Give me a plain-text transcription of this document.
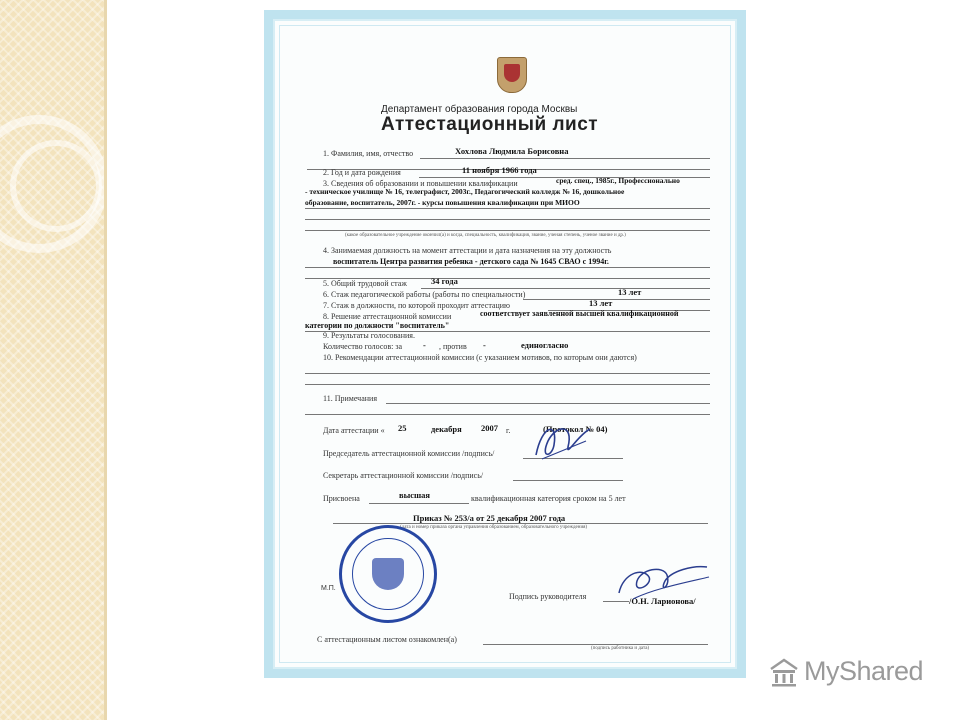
Департамент образования города Москвы
Аттестационный лист
1. Фамилия, имя, отчество	Хохлова Людмила Борисовна
2. Год и дата рождения	11 ноября 1966 года
3. Сведения об образовании и повышении квалификации	сред. спец., 1985г., Профессионально
- техническое училище № 16, телеграфист, 2003г., Педагогический колледж № 16, дошкольное
образование, воспитатель, 2007г. - курсы повышения квалификации при МИОО
(какое образовательное учреждение окончил(а) и когда, специальность, квалификация, звание, ученая степень, ученое звание и др.)
4. Занимаемая должность на момент аттестации и дата назначения на эту должность
воспитатель Центра развития ребенка - детского сада № 1645 СВАО с 1994г.
5. Общий трудовой стаж	34 года
6. Стаж педагогической работы (работы по специальности)	13 лет
7. Стаж в должности, по которой проходит аттестацию	13 лет
8. Решение аттестационной комиссии	соответствует заявленной высшей квалификационной
категории по должности "воспитатель"
9. Результаты голосования.
Количество голосов: за - , против -	единогласно
10. Рекомендации аттестационной комиссии (с указанием мотивов, по которым они даются)
11. Примечания
Дата аттестации « 25	декабря 2007 г.	(Протокол № 04)
Председатель аттестационной комиссии /подпись/
Секретарь аттестационной комиссии /подпись/
Присвоена	высшая	квалификационная категория сроком на 5 лет
Приказ № 253/а от 25 декабря 2007 года
(дата и номер приказа органа управления образованием, образовательного учреждения)
М.П.
Подпись руководителя	/О.Н. Ларионова/
С аттестационным листом ознакомлен(а)
(подпись работника и дата)
MyShared
